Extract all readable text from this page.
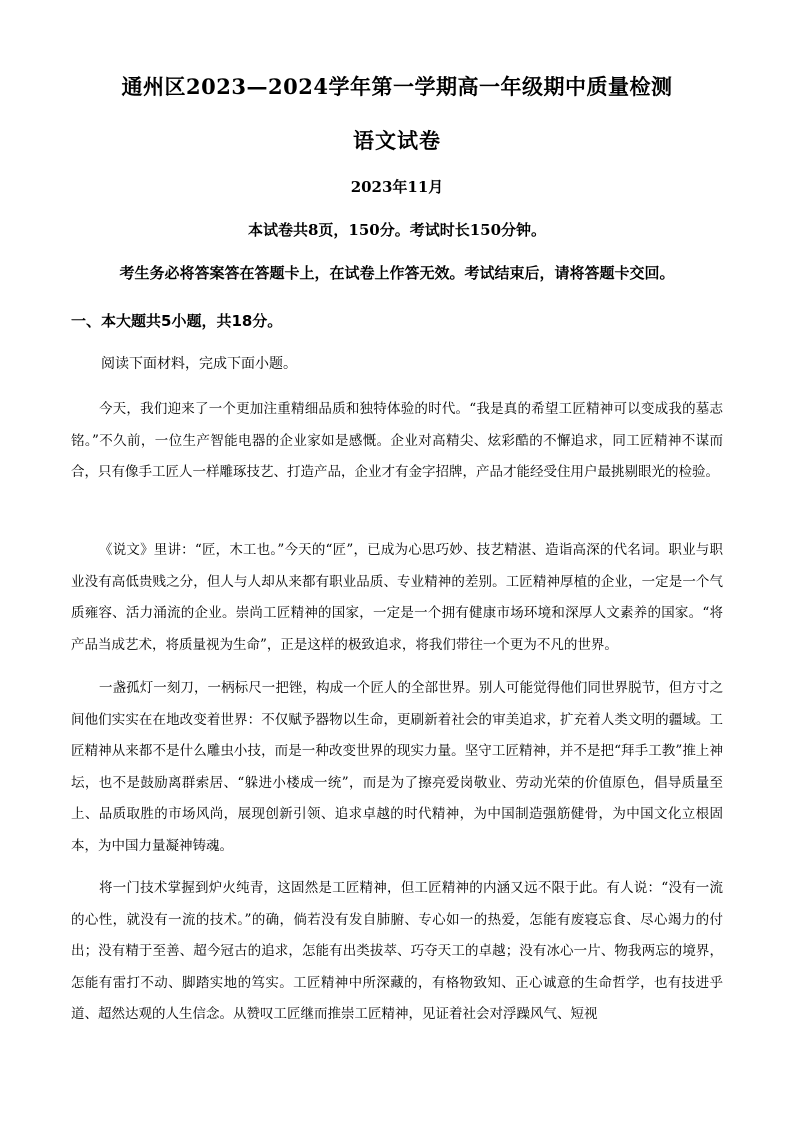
通州区2023—2024学年第一学期高一年级期中质量检测
语文试卷
2023年11月
本试卷共8页，150分。考试时长150分钟。
考生务必将答案答在答题卡上，在试卷上作答无效。考试结束后，请将答题卡交回。
一、本大题共5小题，共18分。
阅读下面材料，完成下面小题。
今天，我们迎来了一个更加注重精细品质和独特体验的时代。“我是真的希望工匠精神可以变成我的墓志铭。”不久前，一位生产智能电器的企业家如是感慨。企业对高精尖、炫彩酷的不懈追求，同工匠精神不谋而合，只有像手工匠人一样雕琢技艺、打造产品，企业才有金字招牌，产品才能经受住用户最挑剔眼光的检验。
《说文》里讲：“匠，木工也。”今天的“匠”，已成为心思巧妙、技艺精湛、造诣高深的代名词。职业与职业没有高低贵贱之分，但人与人却从来都有职业品质、专业精神的差别。工匠精神厚植的企业，一定是一个气质雍容、活力涌流的企业。崇尚工匠精神的国家，一定是一个拥有健康市场环境和深厚人文素养的国家。“将产品当成艺术，将质量视为生命”，正是这样的极致追求，将我们带往一个更为不凡的世界。
一盏孤灯一刻刀，一柄标尺一把锉，构成一个匠人的全部世界。别人可能觉得他们同世界脱节，但方寸之间他们实实在在地改变着世界：不仅赋予器物以生命，更刷新着社会的审美追求，扩充着人类文明的疆域。工匠精神从来都不是什么雕虫小技，而是一种改变世界的现实力量。坚守工匠精神，并不是把“拜手工教”推上神坛，也不是鼓励离群索居、“躲进小楼成一统”，而是为了擦亮爱岗敬业、劳动光荣的价值原色，倡导质量至上、品质取胜的市场风尚，展现创新引领、追求卓越的时代精神，为中国制造强筋健骨，为中国文化立根固本，为中国力量凝神铸魂。
将一门技术掌握到炉火纯青，这固然是工匠精神，但工匠精神的内涵又远不限于此。有人说：“没有一流的心性，就没有一流的技术。”的确，倘若没有发自肺腑、专心如一的热爱，怎能有废寝忘食、尽心竭力的付出；没有精于至善、超今冠古的追求，怎能有出类拔萃、巧夺天工的卓越；没有冰心一片、物我两忘的境界，怎能有雷打不动、脚踏实地的笃实。工匠精神中所深藏的，有格物致知、正心诚意的生命哲学，也有技进乎道、超然达观的人生信念。从赞叹工匠继而推崇工匠精神，见证着社会对浮躁风气、短视
